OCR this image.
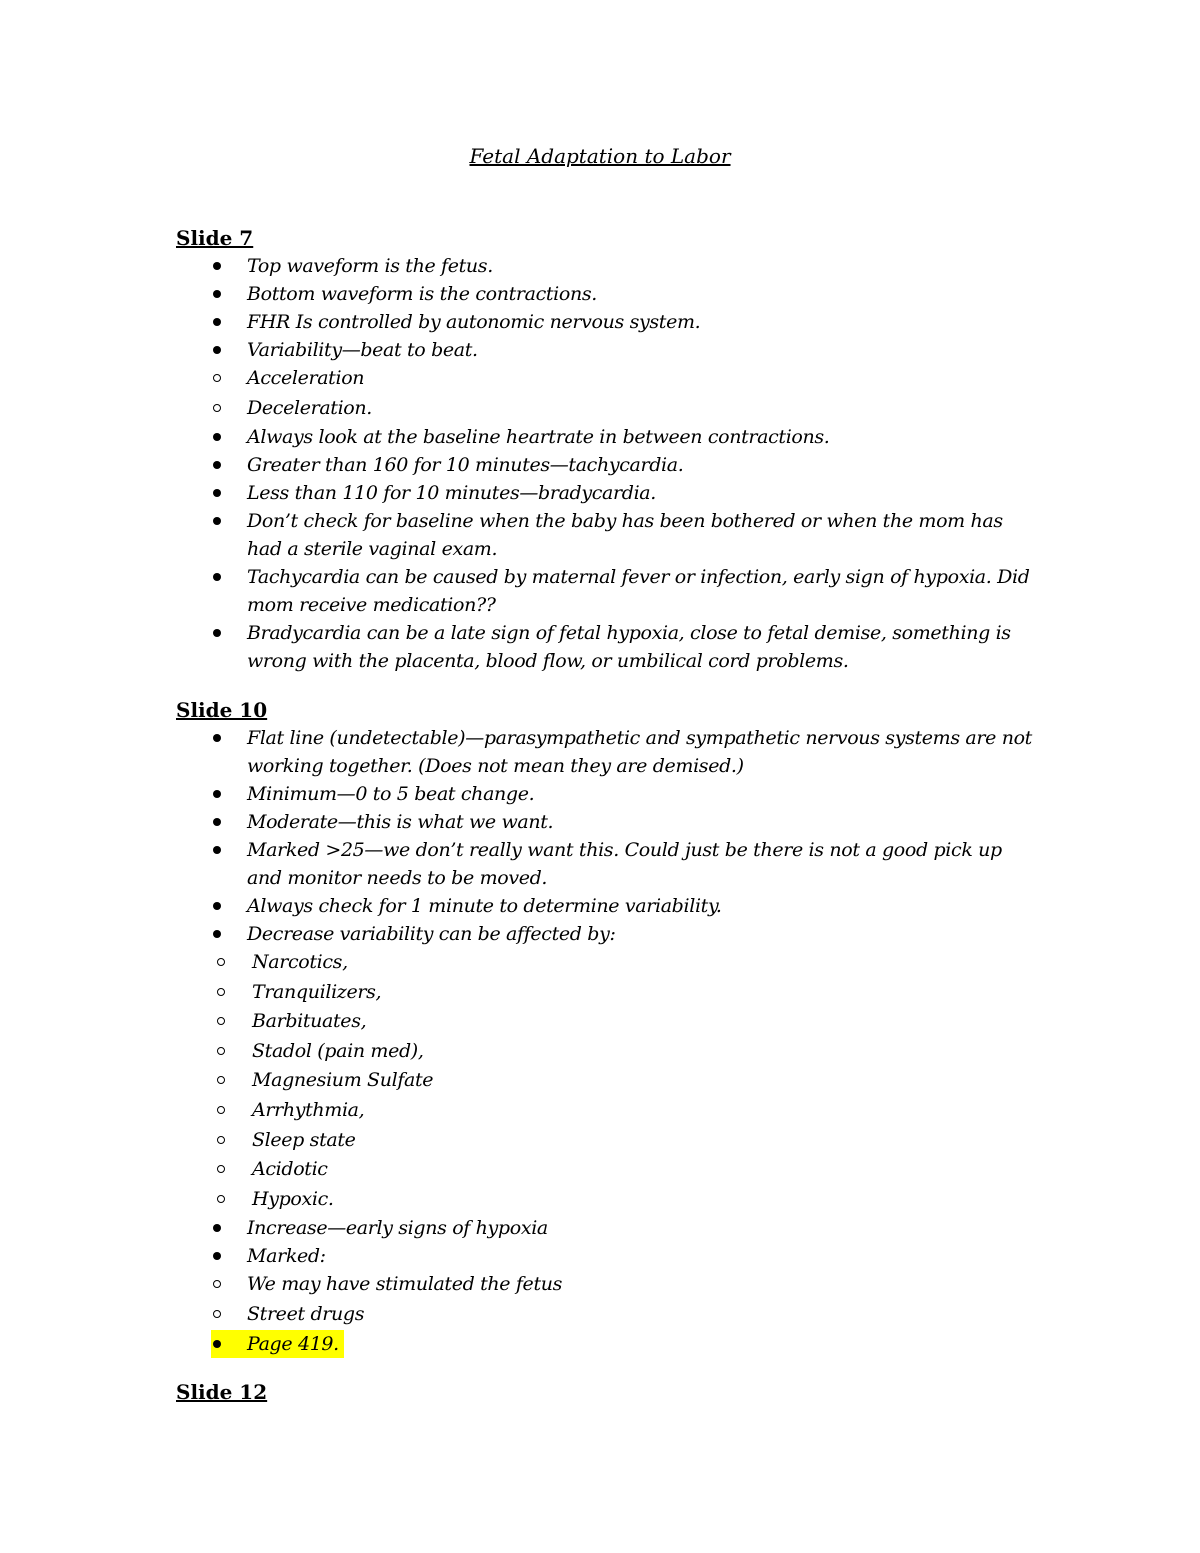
Fetal Adaptation to Labor
Slide 7
Top waveform is the fetus.
Bottom waveform is the contractions.
FHR Is controlled by autonomic nervous system.
Variability—beat to beat.
Acceleration
Deceleration.
Always look at the baseline heartrate in between contractions.
Greater than 160 for 10 minutes—tachycardia.
Less than 110 for 10 minutes—bradycardia.
Don’t check for baseline when the baby has been bothered or when the mom has had a sterile vaginal exam.
Tachycardia can be caused by maternal fever or infection, early sign of hypoxia. Did mom receive medication??
Bradycardia can be a late sign of fetal hypoxia, close to fetal demise, something is wrong with the placenta, blood flow, or umbilical cord problems.
Slide 10
Flat line (undetectable)—parasympathetic and sympathetic nervous systems are not working together. (Does not mean they are demised.)
Minimum—0 to 5 beat change.
Moderate—this is what we want.
Marked >25—we don’t really want this. Could just be there is not a good pick up and monitor needs to be moved.
Always check for 1 minute to determine variability.
Decrease variability can be affected by:
Narcotics,
Tranquilizers,
Barbituates,
Stadol (pain med),
Magnesium Sulfate
Arrhythmia,
Sleep state
Acidotic
Hypoxic.
Increase—early signs of hypoxia
Marked:
We may have stimulated the fetus
Street drugs
Page 419.
Slide 12
